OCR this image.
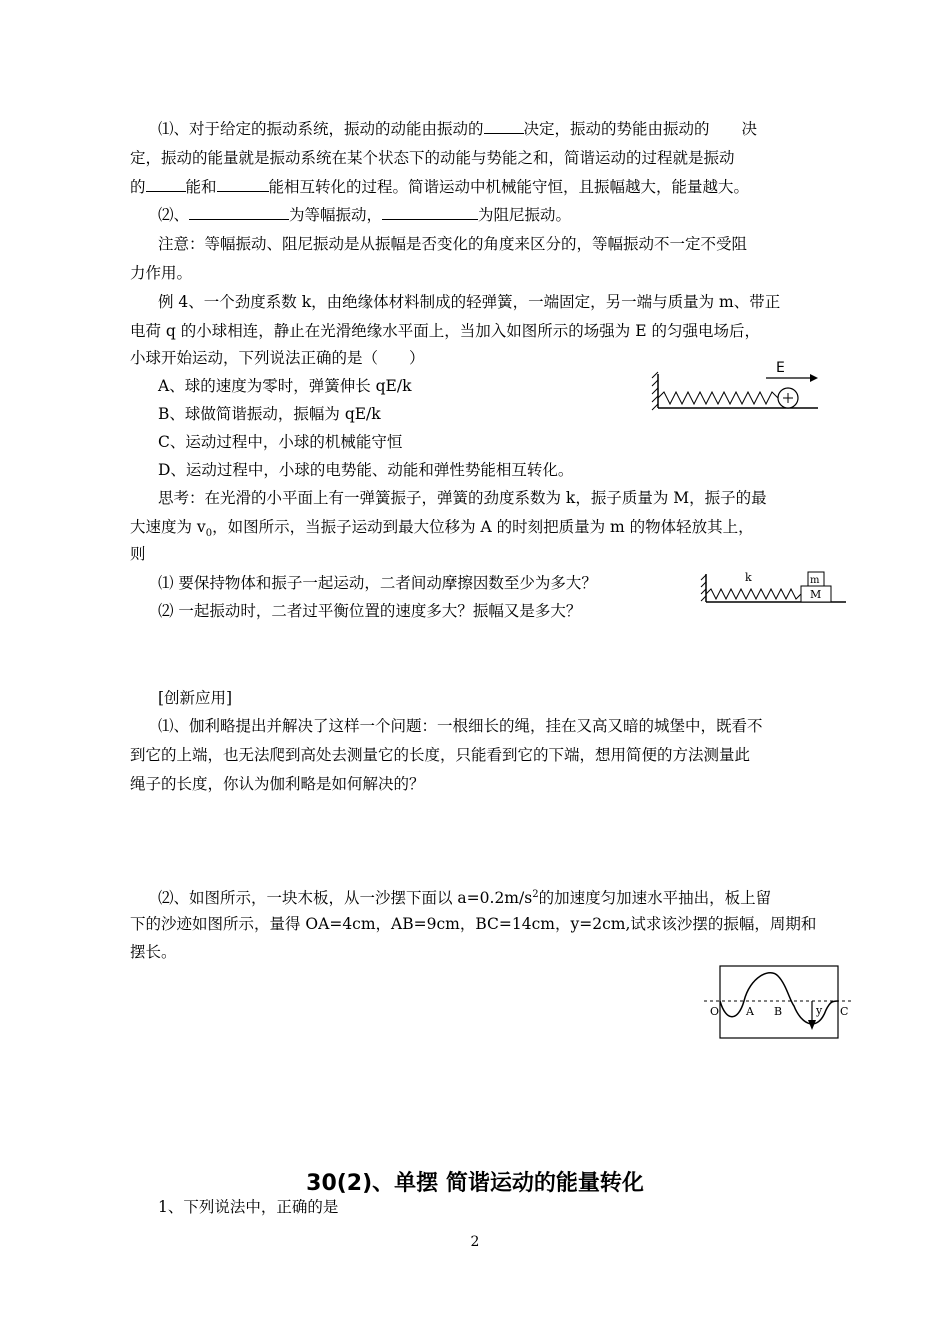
⑴、对于给定的振动系统，振动的动能由振动的	决定，振动的势能由振动的 决
定，振动的能量就是振动系统在某个状态下的动能与势能之和，简谐运动的过程就是振动
的	能和	能相互转化的过程。简谐运动中机械能守恒，且振幅越大，能量越大。
⑵、	为等幅振动，	为阻尼振动。
注意：等幅振动、阻尼振动是从振幅是否变化的角度来区分的，等幅振动不一定不受阻
力作用。
例 4、一个劲度系数 k，由绝缘体材料制成的轻弹簧，一端固定，另一端与质量为 m、带正
电荷 q 的小球相连，静止在光滑绝缘水平面上，当加入如图所示的场强为 E 的匀强电场后，
小球开始运动，下列说法正确的是（　　）
A、球的速度为零时，弹簧伸长 qE/k
B、球做简谐振动，振幅为 qE/k
C、运动过程中，小球的机械能守恒
D、运动过程中，小球的电势能、动能和弹性势能相互转化。
E
思考：在光滑的小平面上有一弹簧振子，弹簧的劲度系数为 k，振子质量为 M，振子的最
大速度为 $v_0$，如图所示，当振子运动到最大位移为 A 的时刻把质量为 m 的物体轻放其上，
则
⑴ 要保持物体和振子一起运动，二者间动摩擦因数至少为多大？
⑵ 一起振动时，二者过平衡位置的速度多大？振幅又是多大？
k	m
M
[创新应用]
⑴、伽利略提出并解决了这样一个问题：一根细长的绳，挂在又高又暗的城堡中，既看不
到它的上端，也无法爬到高处去测量它的长度，只能看到它的下端，想用简便的方法测量此
绳子的长度，你认为伽利略是如何解决的？
⑵、如图所示，一块木板，从一沙摆下面以 $a=0.2m/s^2$的加速度匀加速水平抽出，板上留
下的沙迹如图所示，量得 OA=4cm，AB=9cm，BC=14cm，y=2cm,试求该沙摆的振幅，周期和
摆长。
O A B	y C
30(2)、单摆 简谐运动的能量转化
1、下列说法中，正确的是
2
